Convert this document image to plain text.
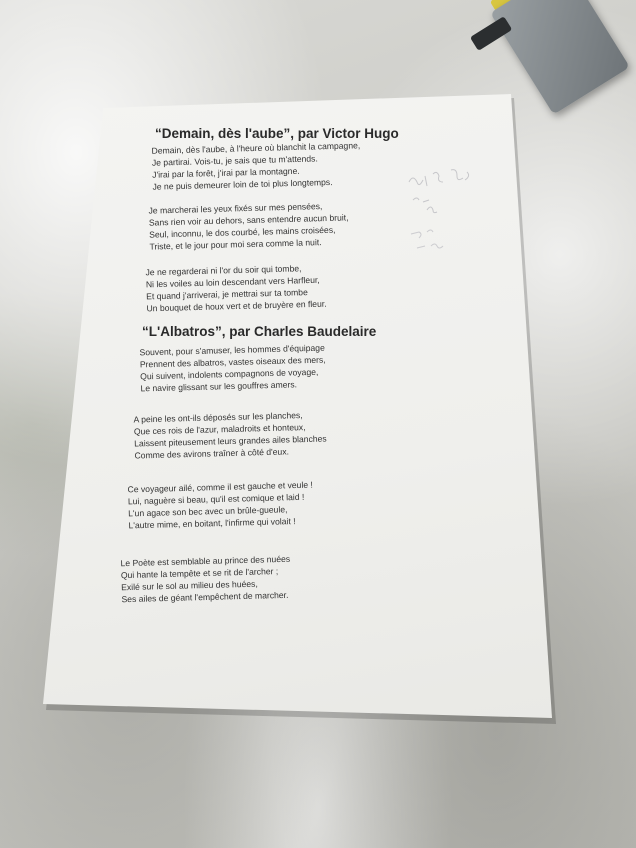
“Demain, dès l'aube”, par Victor Hugo
Demain, dès l'aube, à l'heure où blanchit la campagne,
Je partirai. Vois-tu, je sais que tu m'attends.
J'irai par la forêt, j'irai par la montagne.
Je ne puis demeurer loin de toi plus longtemps.
Je marcherai les yeux fixés sur mes pensées,
Sans rien voir au dehors, sans entendre aucun bruit,
Seul, inconnu, le dos courbé, les mains croisées,
Triste, et le jour pour moi sera comme la nuit.
Je ne regarderai ni l'or du soir qui tombe,
Ni les voiles au loin descendant vers Harfleur,
Et quand j'arriverai, je mettrai sur ta tombe
Un bouquet de houx vert et de bruyère en fleur.
“L'Albatros”, par Charles Baudelaire
Souvent, pour s'amuser, les hommes d'équipage
Prennent des albatros, vastes oiseaux des mers,
Qui suivent, indolents compagnons de voyage,
Le navire glissant sur les gouffres amers.
A peine les ont-ils déposés sur les planches,
Que ces rois de l'azur, maladroits et honteux,
Laissent piteusement leurs grandes ailes blanches
Comme des avirons traîner à côté d'eux.
Ce voyageur ailé, comme il est gauche et veule !
Lui, naguère si beau, qu'il est comique et laid !
L'un agace son bec avec un brûle-gueule,
L'autre mime, en boitant, l'infirme qui volait !
Le Poète est semblable au prince des nuées
Qui hante la tempête et se rit de l'archer ;
Exilé sur le sol au milieu des huées,
Ses ailes de géant l'empêchent de marcher.
